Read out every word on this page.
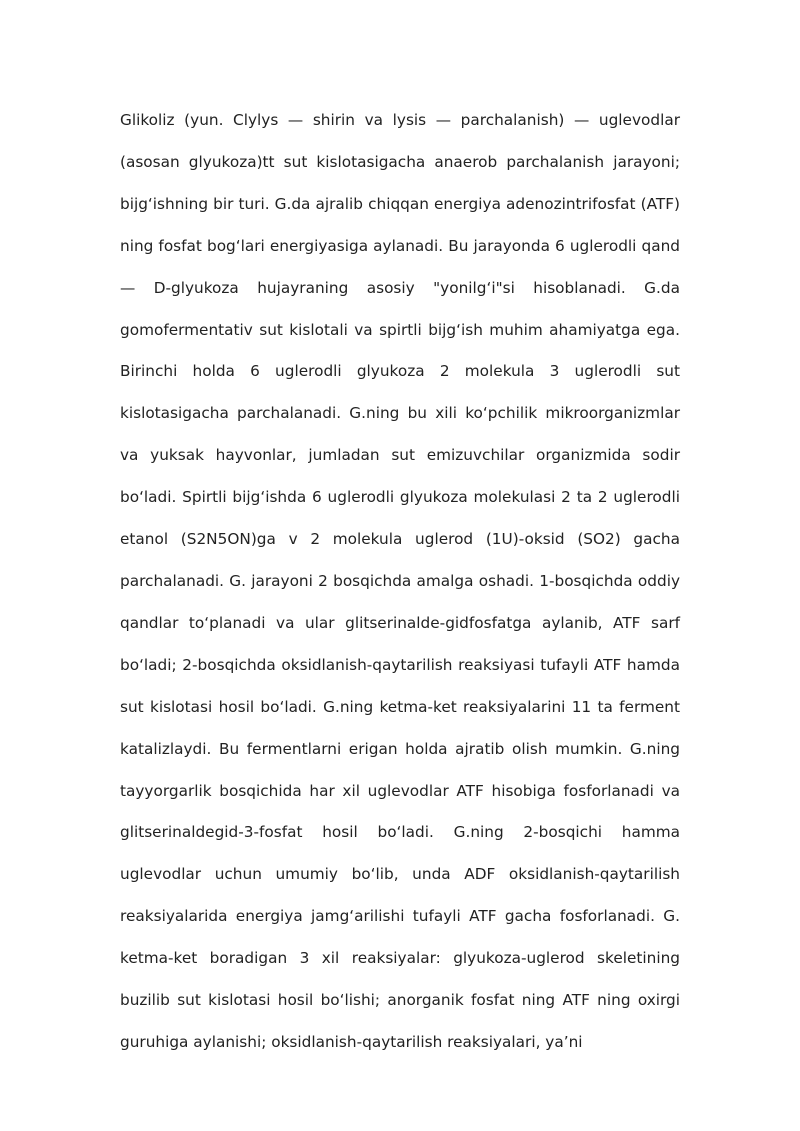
Glikoliz (yun. Clylys — shirin va lysis — parchalanish) — uglevodlar (asosan glyukoza)tt sut kislotasigacha anaerob parchalanish jarayoni; bijg‘ishning bir turi. G.da ajralib chiqqan energiya adenozintrifosfat (ATF) ning fosfat bog‘lari energiyasiga aylanadi. Bu jarayonda 6 uglerodli qand — D-glyukoza hujayraning asosiy "yonilg‘i"si hisoblanadi. G.da gomofermentativ sut kislotali va spirtli bijg‘ish muhim ahamiyatga ega. Birinchi holda 6 uglerodli glyukoza 2 molekula 3 uglerodli sut kislotasigacha parchalanadi. G.ning bu xili ko‘pchilik mikroorganizmlar va yuksak hayvonlar, jumladan sut emizuvchilar organizmida sodir bo‘ladi. Spirtli bijg‘ishda 6 uglerodli glyukoza molekulasi 2 ta 2 uglerodli etanol (S2N5ON)ga v 2 molekula uglerod (1U)-oksid (SO2) gacha parchalanadi. G. jarayoni 2 bosqichda amalga oshadi. 1-bosqichda oddiy qandlar to‘planadi va ular glitserinalde-gidfosfatga aylanib, ATF sarf bo‘ladi; 2-bosqichda oksidlanish-qaytarilish reaksiyasi tufayli ATF hamda sut kislotasi hosil bo‘ladi. G.ning ketma-ket reaksiyalarini 11 ta ferment katalizlaydi. Bu fermentlarni erigan holda ajratib olish mumkin. G.ning tayyorgarlik bosqichida har xil uglevodlar ATF hisobiga fosforlanadi va glitserinaldegid-3-fosfat hosil bo‘ladi. G.ning 2-bosqichi hamma uglevodlar uchun umumiy bo‘lib, unda ADF oksidlanish-qaytarilish reaksiyalarida energiya jamg‘arilishi tufayli ATF gacha fosforlanadi. G. ketma-ket boradigan 3 xil reaksiyalar: glyukoza-uglerod skeletining buzilib sut kislotasi hosil bo‘lishi; anorganik fosfat ning ATF ning oxirgi guruhiga aylanishi; oksidlanish-qaytarilish reaksiyalari, ya’ni
